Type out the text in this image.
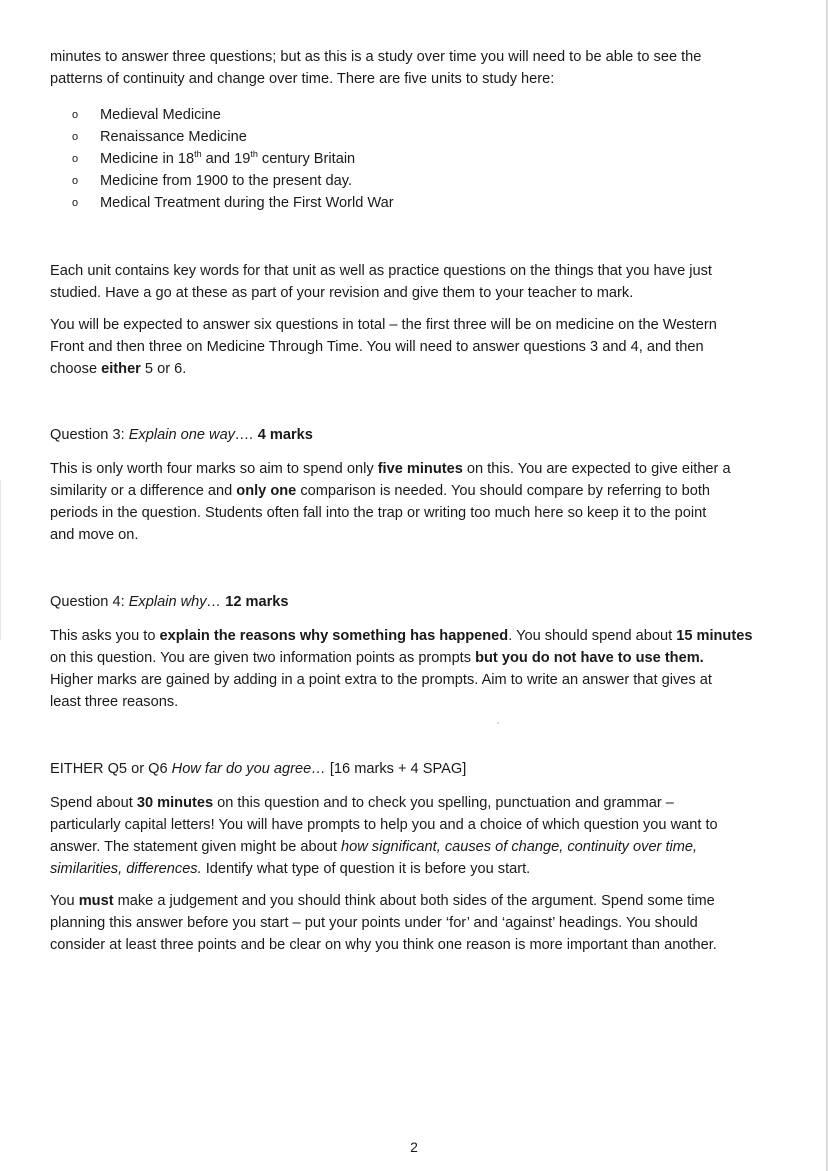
minutes to answer three questions; but as this is a study over time you will need to be able to see the
patterns of continuity and change over time. There are five units to study here:

o Medieval Medicine
o Renaissance Medicine
o Medicine in 18th and 19th century Britain
o Medicine from 1900 to the present day.
o Medical Treatment during the First World War

Each unit contains key words for that unit as well as practice questions on the things that you have just
studied. Have a go at these as part of your revision and give them to your teacher to mark.

You will be expected to answer six questions in total – the first three will be on medicine on the Western
Front and then three on Medicine Through Time. You will need to answer questions 3 and 4, and then
choose either 5 or 6.

Question 3: Explain one way…. 4 marks

This is only worth four marks so aim to spend only five minutes on this. You are expected to give either a
similarity or a difference and only one comparison is needed. You should compare by referring to both
periods in the question. Students often fall into the trap or writing too much here so keep it to the point
and move on.

Question 4: Explain why… 12 marks

This asks you to explain the reasons why something has happened. You should spend about 15 minutes
on this question. You are given two information points as prompts but you do not have to use them.
Higher marks are gained by adding in a point extra to the prompts. Aim to write an answer that gives at
least three reasons.

EITHER Q5 or Q6 How far do you agree… [16 marks + 4 SPAG]

Spend about 30 minutes on this question and to check you spelling, punctuation and grammar –
particularly capital letters! You will have prompts to help you and a choice of which question you want to
answer. The statement given might be about how significant, causes of change, continuity over time,
similarities, differences. Identify what type of question it is before you start.

You must make a judgement and you should think about both sides of the argument. Spend some time
planning this answer before you start – put your points under ‘for’ and ‘against’ headings. You should
consider at least three points and be clear on why you think one reason is more important than another.

2
